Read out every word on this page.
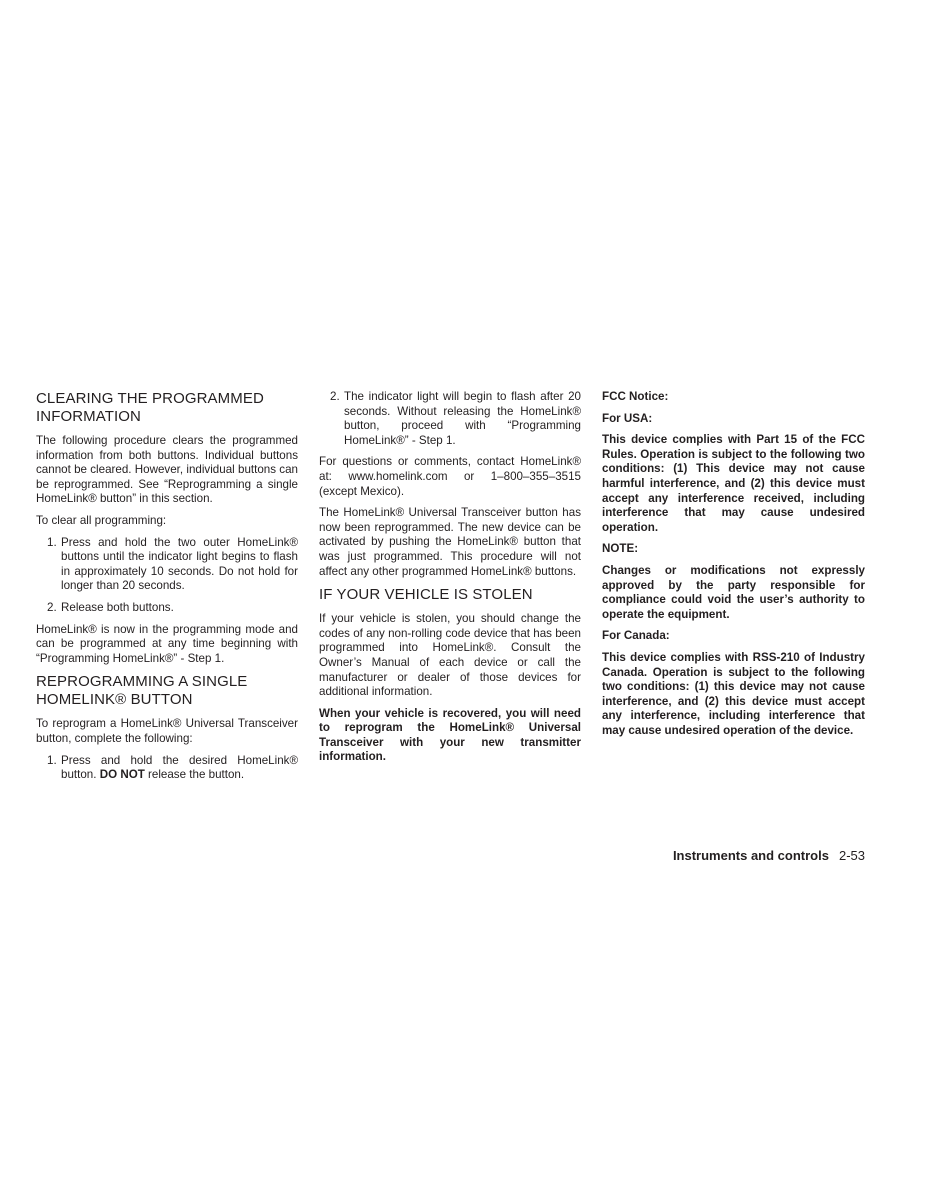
CLEARING THE PROGRAMMED INFORMATION

The following procedure clears the programmed information from both buttons. Individual buttons cannot be cleared. However, individual buttons can be reprogrammed. See “Reprogramming a single HomeLink® button” in this section.

To clear all programming:

1. Press and hold the two outer HomeLink® buttons until the indicator light begins to flash in approximately 10 seconds. Do not hold for longer than 20 seconds.
2. Release both buttons.

HomeLink® is now in the programming mode and can be programmed at any time beginning with “Programming HomeLink®” - Step 1.

REPROGRAMMING A SINGLE HOMELINK® BUTTON

To reprogram a HomeLink® Universal Transceiver button, complete the following:

1. Press and hold the desired HomeLink® button. DO NOT release the button.
2. The indicator light will begin to flash after 20 seconds. Without releasing the HomeLink® button, proceed with “Programming HomeLink®” - Step 1.

For questions or comments, contact HomeLink® at: www.homelink.com or 1–800–355–3515 (except Mexico).

The HomeLink® Universal Transceiver button has now been reprogrammed. The new device can be activated by pushing the HomeLink® button that was just programmed. This procedure will not affect any other programmed HomeLink® buttons.

IF YOUR VEHICLE IS STOLEN

If your vehicle is stolen, you should change the codes of any non-rolling code device that has been programmed into HomeLink®. Consult the Owner’s Manual of each device or call the manufacturer or dealer of those devices for additional information.

When your vehicle is recovered, you will need to reprogram the HomeLink® Universal Transceiver with your new transmitter information.

FCC Notice:

For USA:

This device complies with Part 15 of the FCC Rules. Operation is subject to the following two conditions: (1) This device may not cause harmful interference, and (2) this device must accept any interference received, including interference that may cause undesired operation.

NOTE:

Changes or modifications not expressly approved by the party responsible for compliance could void the user’s authority to operate the equipment.

For Canada:

This device complies with RSS-210 of Industry Canada. Operation is subject to the following two conditions: (1) this device may not cause interference, and (2) this device must accept any interference, including interference that may cause undesired operation of the device.

Instruments and controls 2-53
